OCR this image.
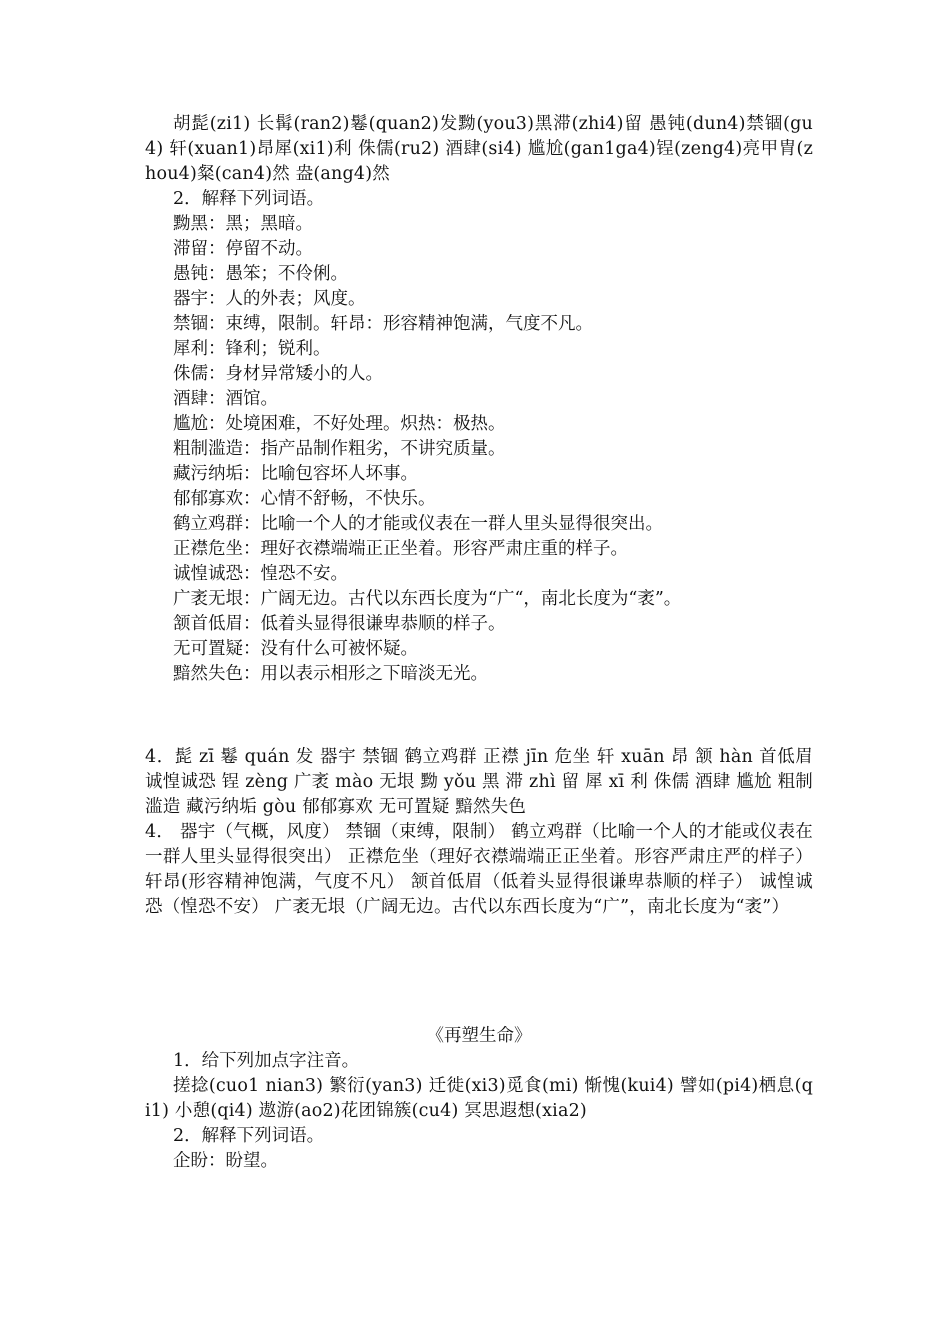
胡髭(zi1) 长髯(ran2)鬈(quan2)发黝(you3)黑滞(zhi4)留 愚钝(dun4)禁锢(gu4) 轩(xuan1)昂犀(xi1)利 侏儒(ru2) 酒肆(si4) 尴尬(gan1ga4)锃(zeng4)亮甲胄(zhou4)粲(can4)然 盎(ang4)然

2．解释下列词语。

黝黑：黑；黑暗。

滞留：停留不动。

愚钝：愚笨；不伶俐。

器宇：人的外表；风度。

禁锢：束缚，限制。轩昂：形容精神饱满，气度不凡。

犀利：锋利；锐利。

侏儒：身材异常矮小的人。

酒肆：酒馆。

尴尬：处境困难，不好处理。炽热：极热。

粗制滥造：指产品制作粗劣，不讲究质量。

藏污纳垢：比喻包容坏人坏事。

郁郁寡欢：心情不舒畅，不快乐。

鹤立鸡群：比喻一个人的才能或仪表在一群人里头显得很突出。

正襟危坐：理好衣襟端端正正坐着。形容严肃庄重的样子。

诚惶诚恐：惶恐不安。

广袤无垠：广阔无边。古代以东西长度为“广“，南北长度为“袤”。

颔首低眉：低着头显得很谦卑恭顺的样子。

无可置疑：没有什么可被怀疑。

黯然失色：用以表示相形之下暗淡无光。

4．髭 zī 鬈 quán 发 器宇 禁锢 鹤立鸡群 正襟 jīn 危坐 轩 xuān 昂 颔 hàn 首低眉 诚惶诚恐 锃 zèng 广袤 mào 无垠 黝 yǒu 黑 滞 zhì 留 犀 xī 利 侏儒 酒肆 尴尬 粗制滥造 藏污纳垢 gòu 郁郁寡欢 无可置疑 黯然失色

4． 器宇（气概，风度） 禁锢（束缚，限制） 鹤立鸡群（比喻一个人的才能或仪表在一群人里头显得很突出） 正襟危坐（理好衣襟端端正正坐着。形容严肃庄严的样子） 轩昂(形容精神饱满，气度不凡） 颔首低眉（低着头显得很谦卑恭顺的样子） 诚惶诚恐（惶恐不安） 广袤无垠（广阔无边。古代以东西长度为“广”，南北长度为“袤”）

《再塑生命》

1．给下列加点字注音。

搓捻(cuo1 nian3) 繁衍(yan3) 迁徙(xi3)觅食(mi) 惭愧(kui4) 譬如(pi4)栖息(qi1) 小憩(qi4) 遨游(ao2)花团锦簇(cu4) 冥思遐想(xia2)

2．解释下列词语。

企盼：盼望。
